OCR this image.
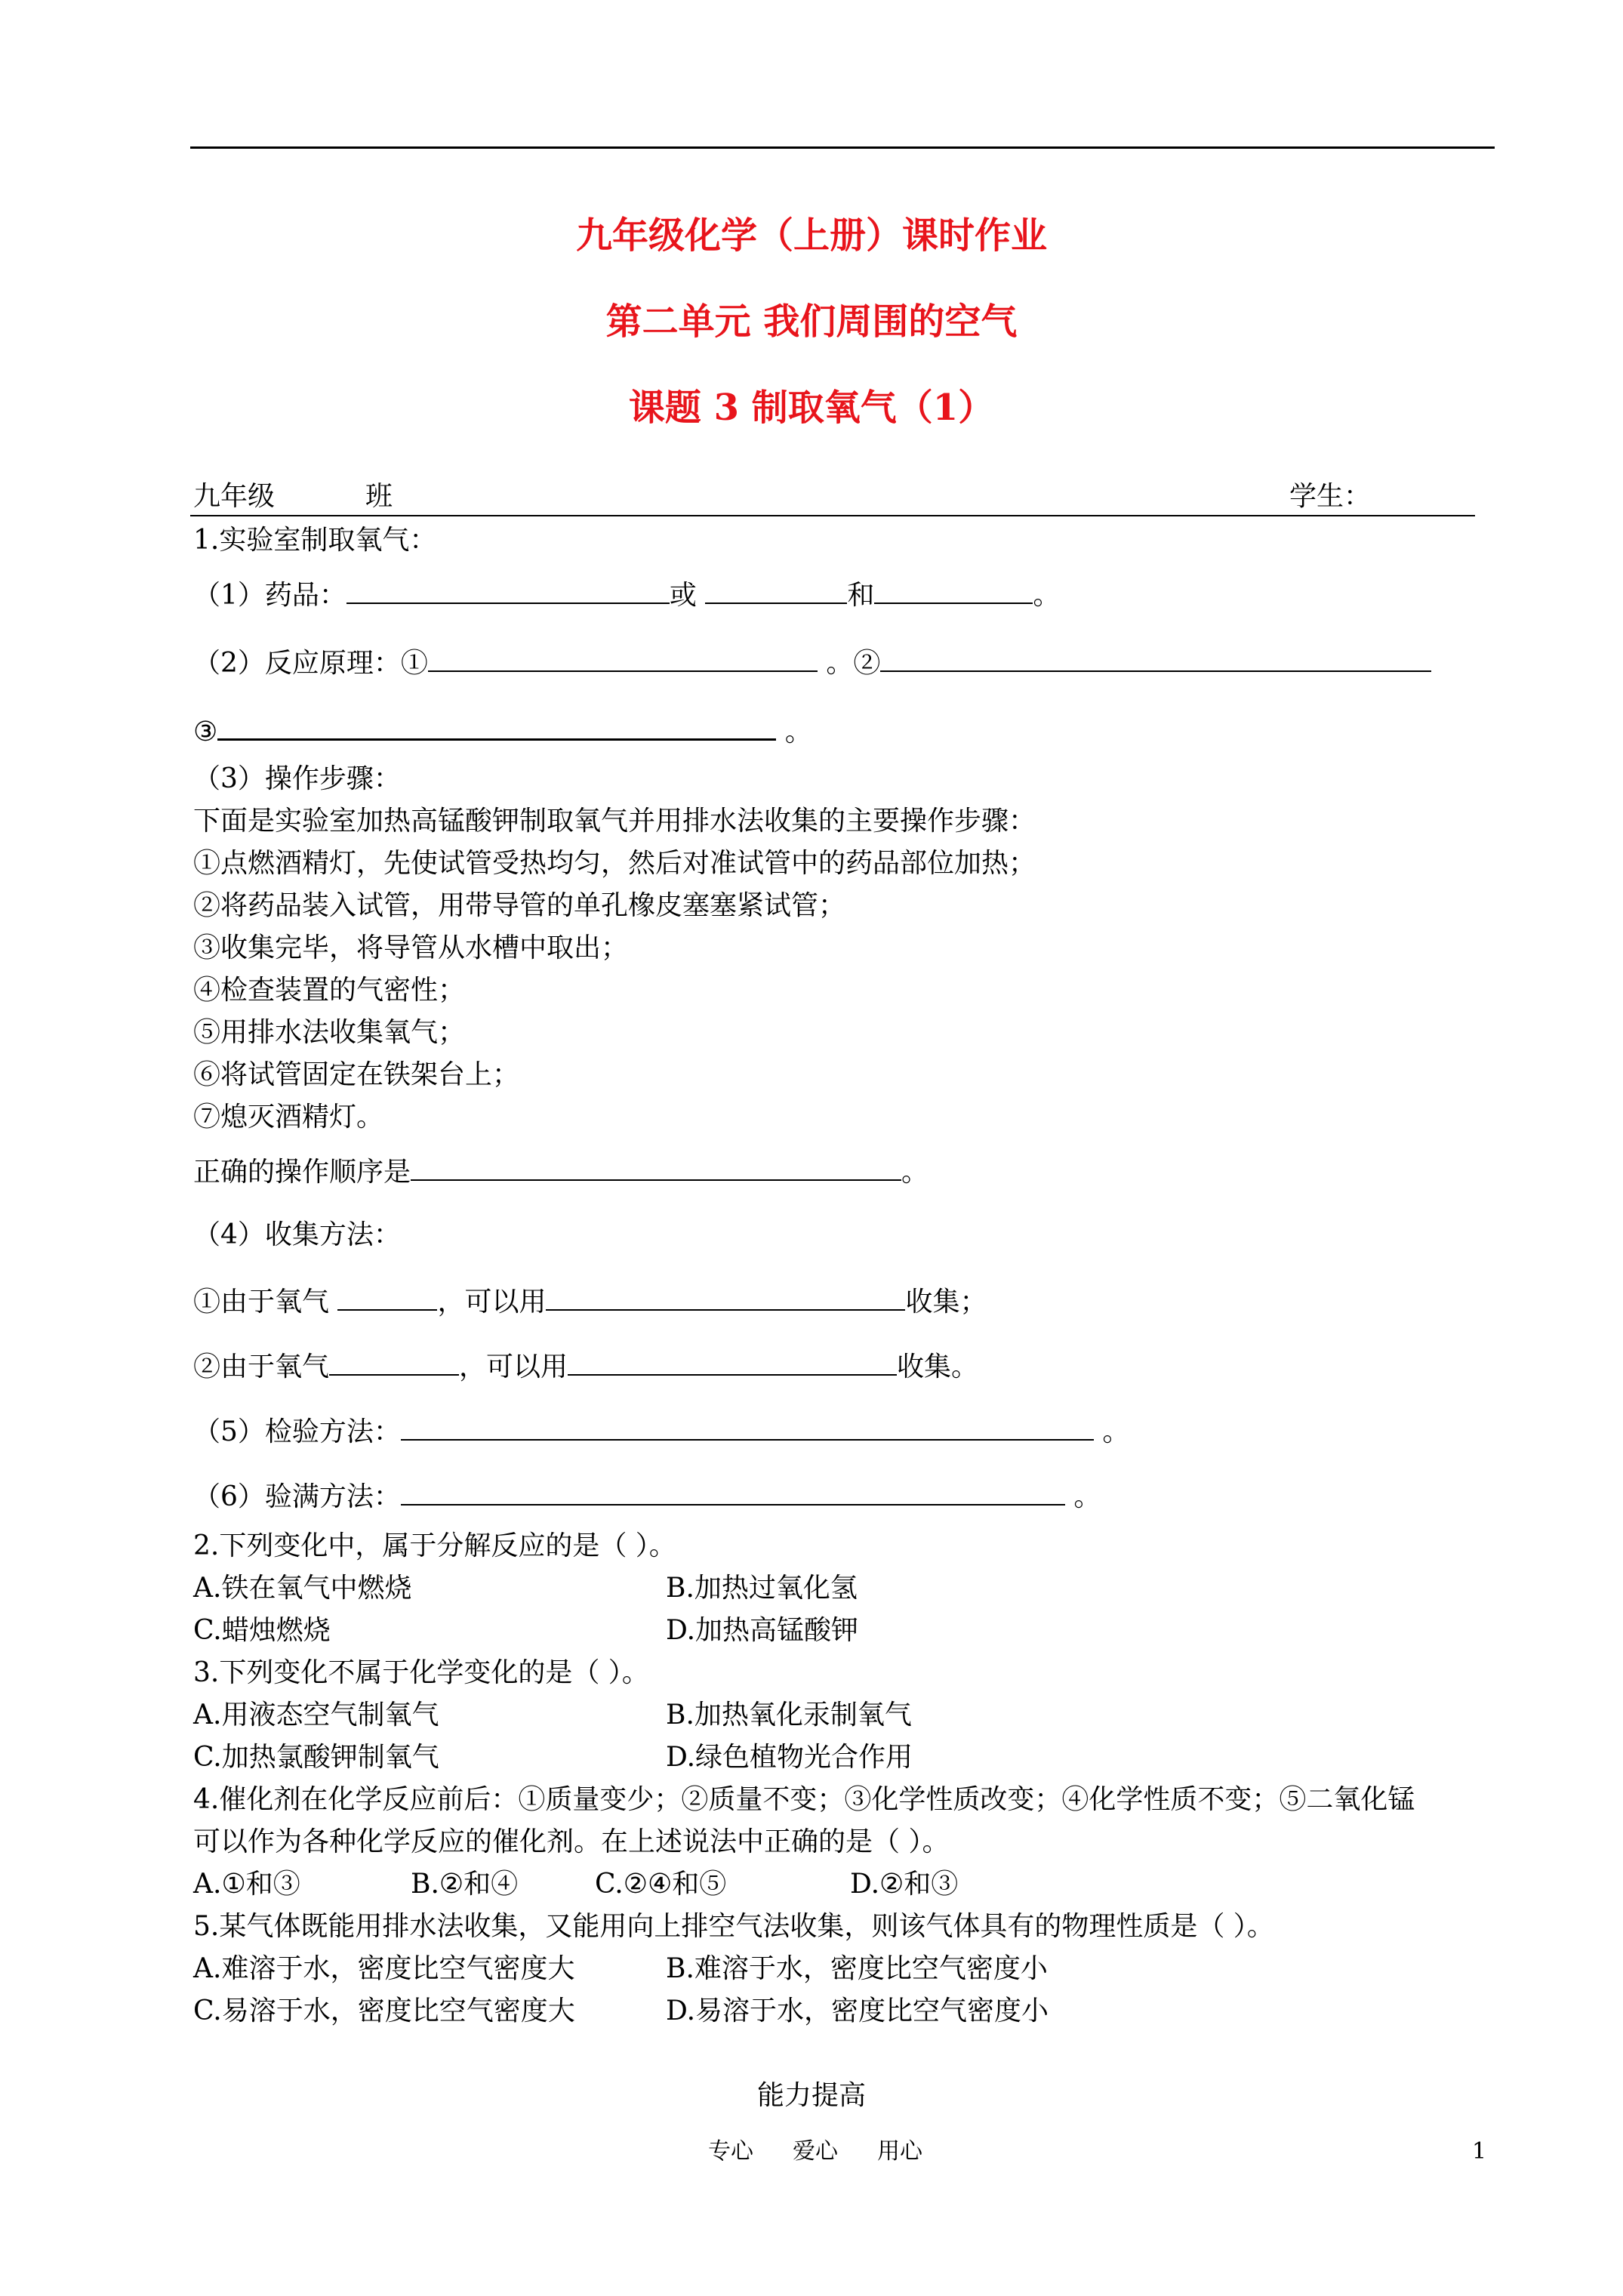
九年级化学（上册）课时作业
第二单元 我们周围的空气
课题 3 制取氧气（1）
九年级	班	学生：
1.实验室制取氧气：
（1）药品：	或	和	。
（2）反应原理：①	。②
③	。
（3）操作步骤：
下面是实验室加热高锰酸钾制取氧气并用排水法收集的主要操作步骤：
①点燃酒精灯，先使试管受热均匀，然后对准试管中的药品部位加热；
②将药品装入试管，用带导管的单孔橡皮塞塞紧试管；
③收集完毕，将导管从水槽中取出；
④检查装置的气密性；
⑤用排水法收集氧气；
⑥将试管固定在铁架台上；
⑦熄灭酒精灯。
正确的操作顺序是	。
（4）收集方法：
①由于氧气	，可以用	收集；
②由于氧气	，可以用	收集。
（5）检验方法：	。
（6）验满方法：	。
2.下列变化中，属于分解反应的是（ ）。
A.铁在氧气中燃烧	B.加热过氧化氢
C.蜡烛燃烧	D.加热高锰酸钾
3.下列变化不属于化学变化的是（ ）。
A.用液态空气制氧气	B.加热氧化汞制氧气
C.加热氯酸钾制氧气	D.绿色植物光合作用
4.催化剂在化学反应前后：①质量变少；②质量不变；③化学性质改变；④化学性质不变；⑤二氧化锰
可以作为各种化学反应的催化剂。在上述说法中正确的是（ ）。
A.①和③	B.②和④	C.②④和⑤	D.②和③
5.某气体既能用排水法收集，又能用向上排空气法收集，则该气体具有的物理性质是（ ）。
A.难溶于水，密度比空气密度大	B.难溶于水，密度比空气密度小
C.易溶于水，密度比空气密度大	D.易溶于水，密度比空气密度小
能力提高
专心 爱心 用心	1
